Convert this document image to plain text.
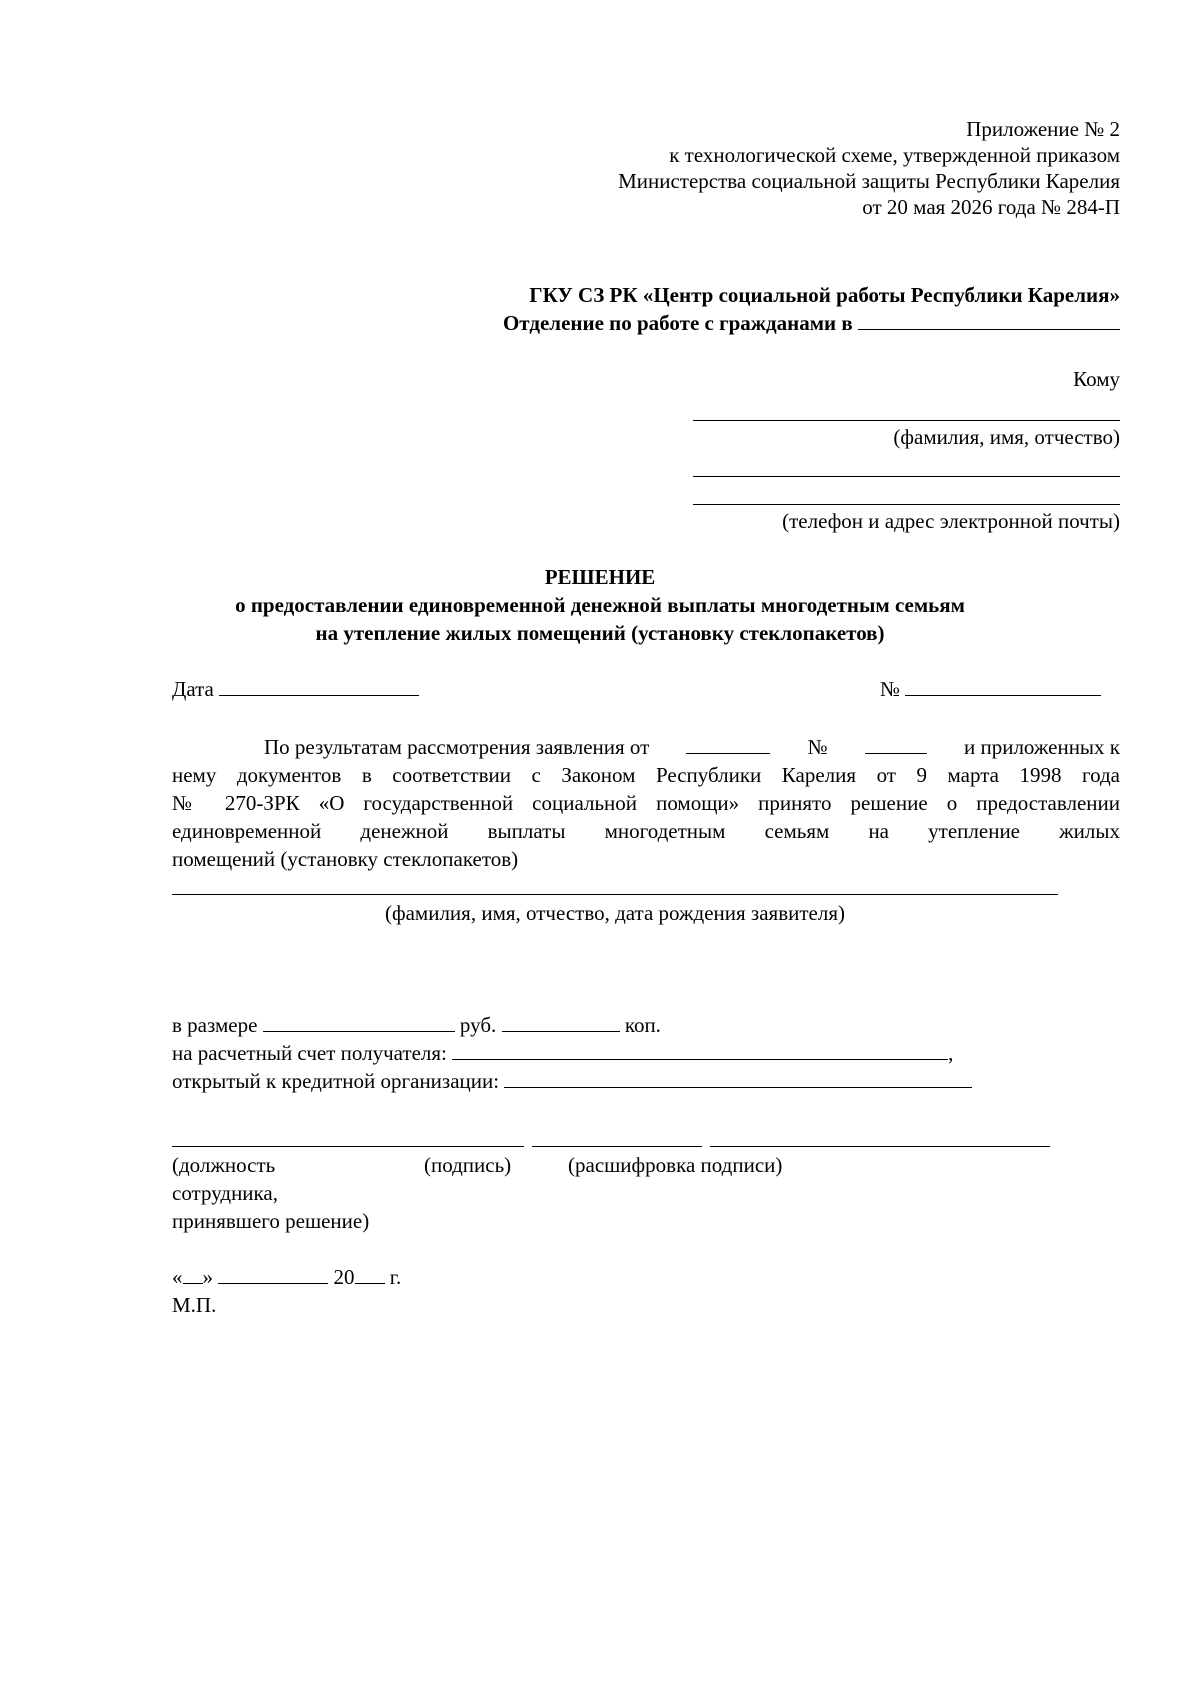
Приложение № 2
к технологической схеме, утвержденной приказом
Министерства социальной защиты Республики Карелия
от 20 мая 2026 года № 284-П
ГКУ СЗ РК «Центр социальной работы Республики Карелия»
Отделение по работе с гражданами в
Кому
(фамилия, имя, отчество)
(телефон и адрес электронной почты)
РЕШЕНИЕ
о предоставлении единовременной денежной выплаты многодетным семьям
на утепление жилых помещений (установку стеклопакетов)
Дата	№
По результатам рассмотрения заявления от	№	и приложенных к
нему документов в соответствии с Законом Республики Карелия от 9 марта 1998 года
№ 270-ЗРК «О государственной социальной помощи» принято решение о предоставлении
единовременной денежной выплаты многодетным семьям на утепление жилых
помещений (установку стеклопакетов)
(фамилия, имя, отчество, дата рождения заявителя)
в размере	руб.	коп.
на расчетный счет получателя:	,
открытый к кредитной организации:
(должность
сотрудника,
принявшего решение)
(подпись)	(расшифровка подписи)
« »	20 г.
М.П.
